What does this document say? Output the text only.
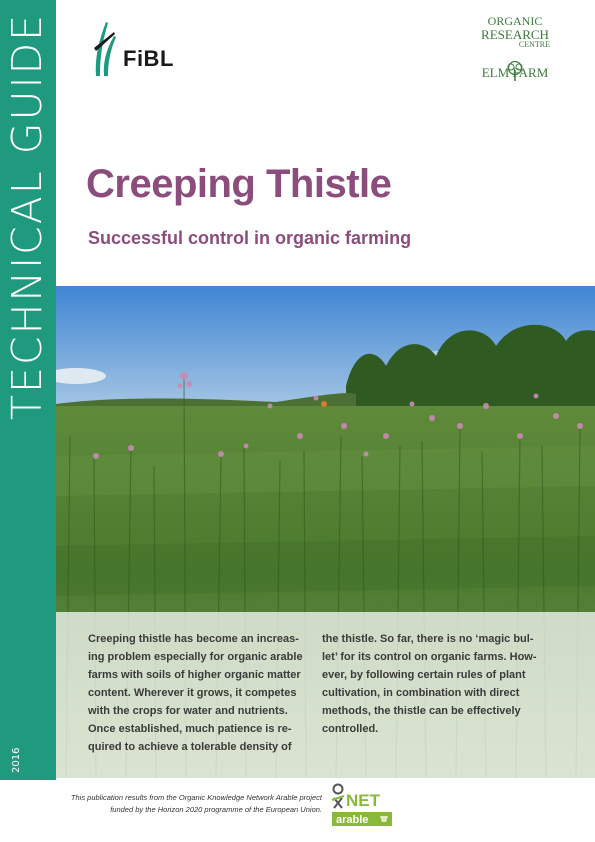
TECHNICAL GUIDE
2016
FiBL
ORGANIC
RESEARCH
CENTRE
ELM FARM
Creeping Thistle
Successful control in organic farming

Creeping thistle has become an increas-ing problem especially for organic arable farms with soils of higher organic matter content. Wherever it grows, it competes with the crops for water and nutrients. Once established, much patience is re-quired to achieve a tolerable density of

the thistle. So far, there is no ‘magic bul-let’ for its control on organic farms. How-ever, by following certain rules of plant cultivation, in combination with direct methods, the thistle can be effectively controlled.

This publication results from the Organic Knowledge Network Arable project funded by the Horizon 2020 programme of the European Union. NET
arable
